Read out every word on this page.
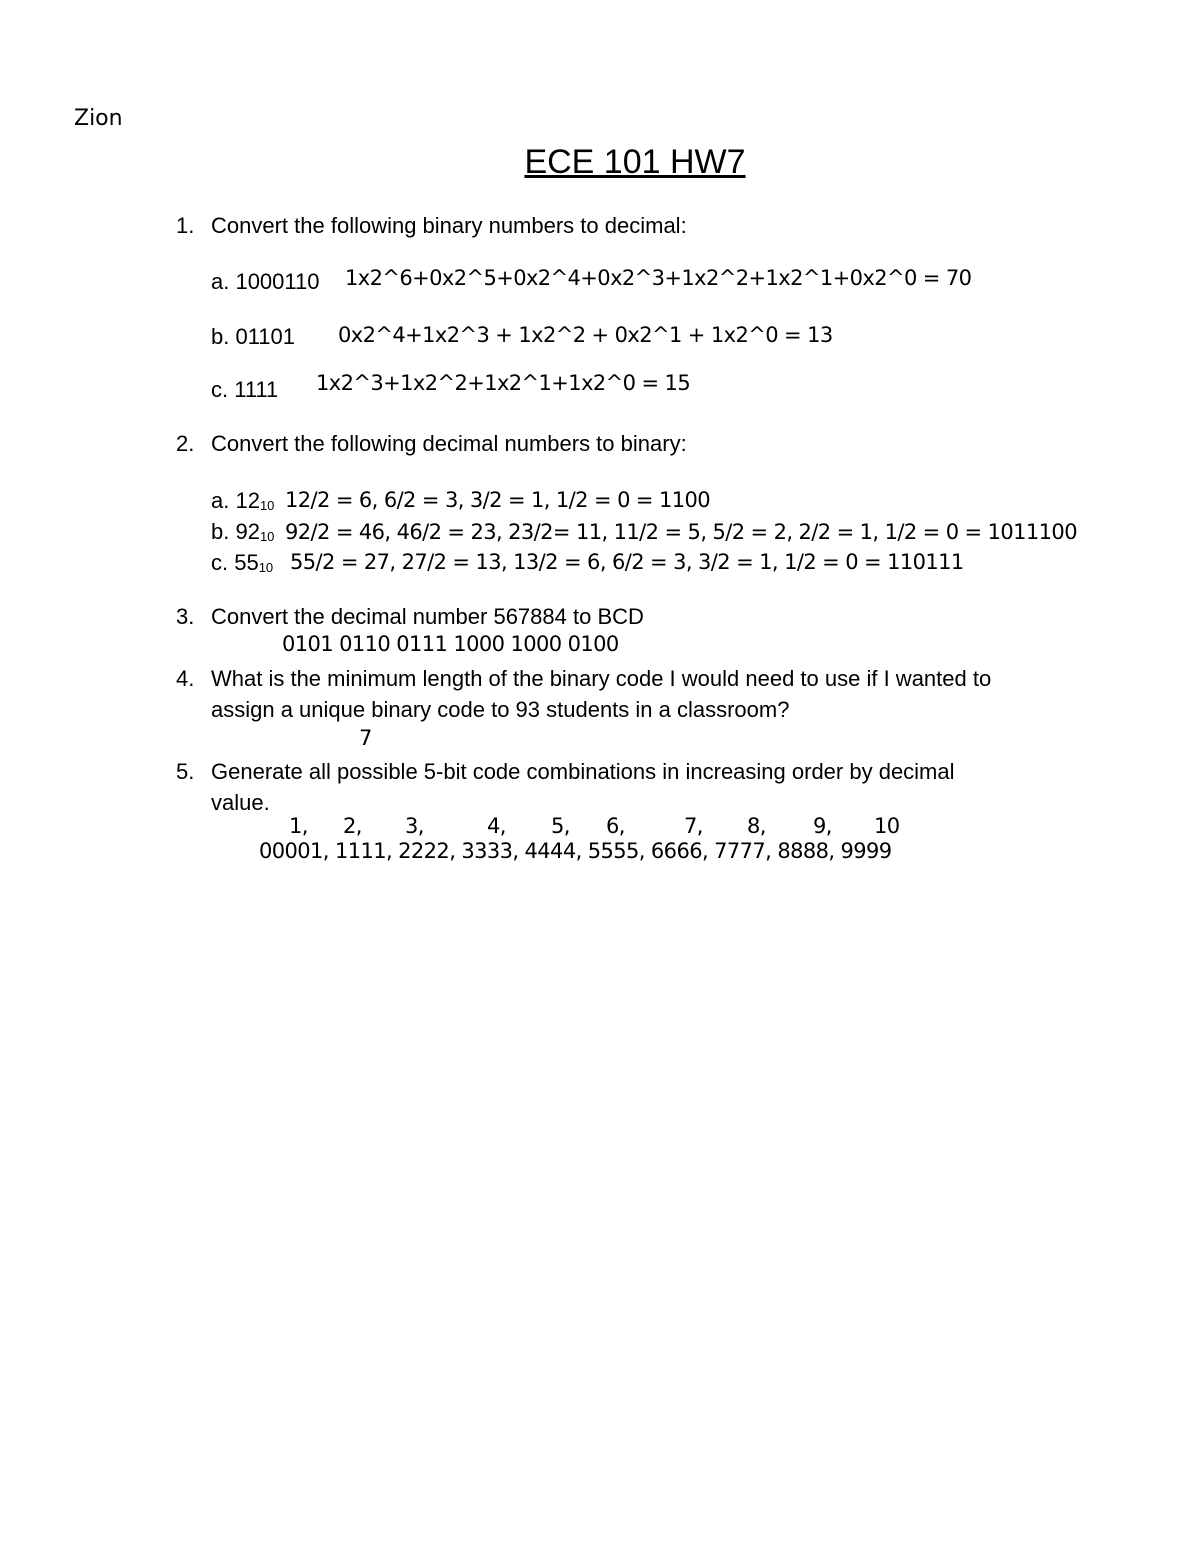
Zion
ECE 101 HW7
1. Convert the following binary numbers to decimal:
a. 1000110 1x2^6+0x2^5+0x2^4+0x2^3+1x2^2+1x2^1+0x2^0 = 70
b. 01101 0x2^4+1x2^3 + 1x2^2 + 0x2^1 + 1x2^0 = 13
c. 1111 1x2^3+1x2^2+1x2^1+1x2^0 = 15
2. Convert the following decimal numbers to binary:
a. $12_{10}$ 12/2 = 6, 6/2 = 3, 3/2 = 1, 1/2 = 0 = 1100
b. $92_{10}$ 92/2 = 46, 46/2 = 23, 23/2= 11, 11/2 = 5, 5/2 = 2, 2/2 = 1, 1/2 = 0 = 1011100
c. $55_{10}$ 55/2 = 27, 27/2 = 13, 13/2 = 6, 6/2 = 3, 3/2 = 1, 1/2 = 0 = 110111
3. Convert the decimal number 567884 to BCD
0101 0110 0111 1000 1000 0100
4. What is the minimum length of the binary code I would need to use if I wanted to
assign a unique binary code to 93 students in a classroom?
7
5. Generate all possible 5-bit code combinations in increasing order by decimal
value.
1, 2, 3,	4, 5, 6,	7, 8, 9, 10
00001, 1111, 2222, 3333, 4444, 5555, 6666, 7777, 8888, 9999
